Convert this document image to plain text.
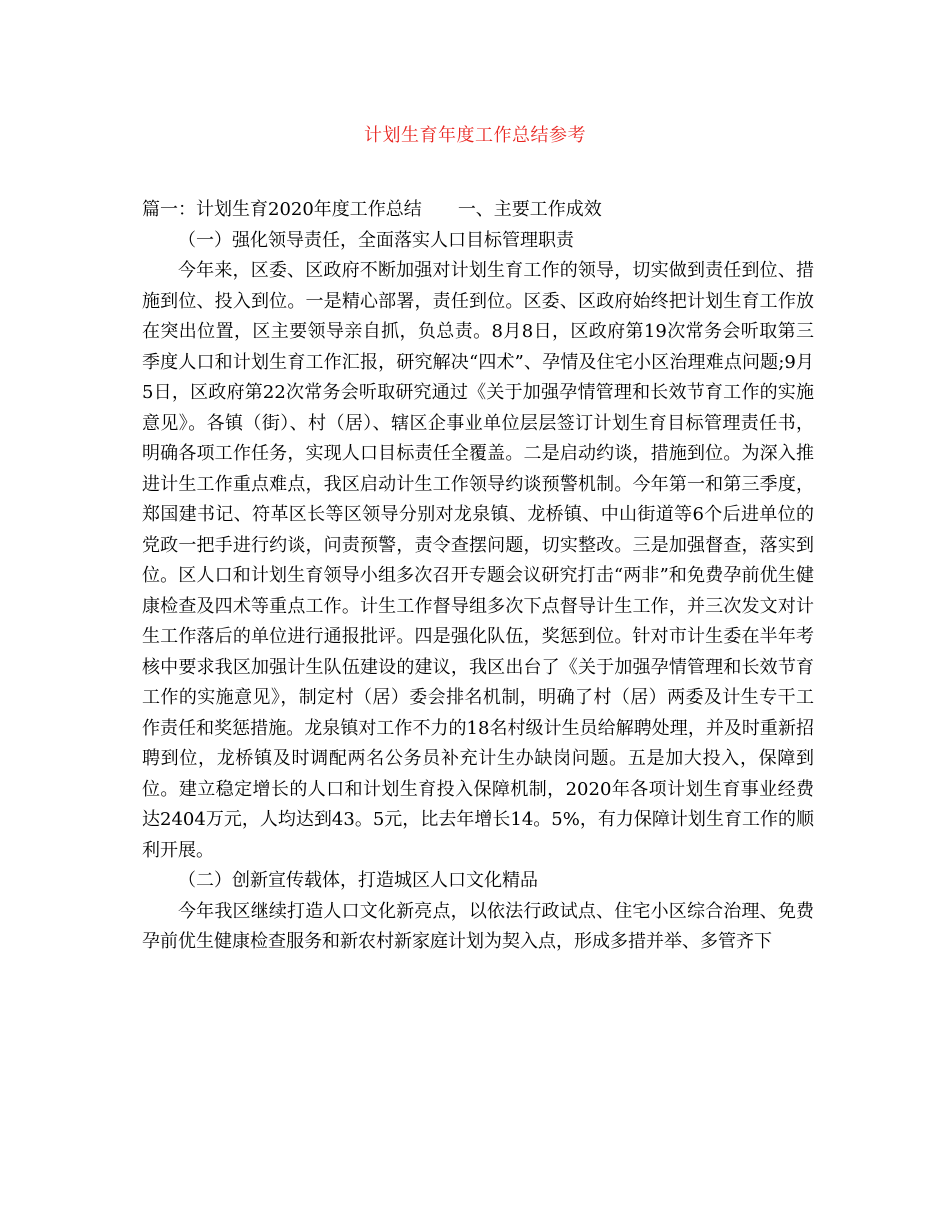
计划生育年度工作总结参考

篇一：计划生育2020年度工作总结 一、主要工作成效

（一）强化领导责任，全面落实人口目标管理职责

今年来，区委、区政府不断加强对计划生育工作的领导，切实做到责任到位、措施到位、投入到位。一是精心部署，责任到位。区委、区政府始终把计划生育工作放在突出位置，区主要领导亲自抓，负总责。8月8日，区政府第19次常务会听取第三季度人口和计划生育工作汇报，研究解决“四术”、孕情及住宅小区治理难点问题;9月5日，区政府第22次常务会听取研究通过《关于加强孕情管理和长效节育工作的实施意见》。各镇（街）、村（居）、辖区企事业单位层层签订计划生育目标管理责任书，明确各项工作任务，实现人口目标责任全覆盖。二是启动约谈，措施到位。为深入推进计生工作重点难点，我区启动计生工作领导约谈预警机制。今年第一和第三季度，郑国建书记、符革区长等区领导分别对龙泉镇、龙桥镇、中山街道等6个后进单位的党政一把手进行约谈，问责预警，责令查摆问题，切实整改。三是加强督查，落实到位。区人口和计划生育领导小组多次召开专题会议研究打击“两非”和免费孕前优生健康检查及四术等重点工作。计生工作督导组多次下点督导计生工作，并三次发文对计生工作落后的单位进行通报批评。四是强化队伍，奖惩到位。针对市计生委在半年考核中要求我区加强计生队伍建设的建议，我区出台了《关于加强孕情管理和长效节育工作的实施意见》，制定村（居）委会排名机制，明确了村（居）两委及计生专干工作责任和奖惩措施。龙泉镇对工作不力的18名村级计生员给解聘处理，并及时重新招聘到位，龙桥镇及时调配两名公务员补充计生办缺岗问题。五是加大投入，保障到位。建立稳定增长的人口和计划生育投入保障机制，2020年各项计划生育事业经费达2404万元，人均达到43。5元，比去年增长14。5%，有力保障计划生育工作的顺利开展。

（二）创新宣传载体，打造城区人口文化精品

今年我区继续打造人口文化新亮点，以依法行政试点、住宅小区综合治理、免费孕前优生健康检查服务和新农村新家庭计划为契入点，形成多措并举、多管齐下
